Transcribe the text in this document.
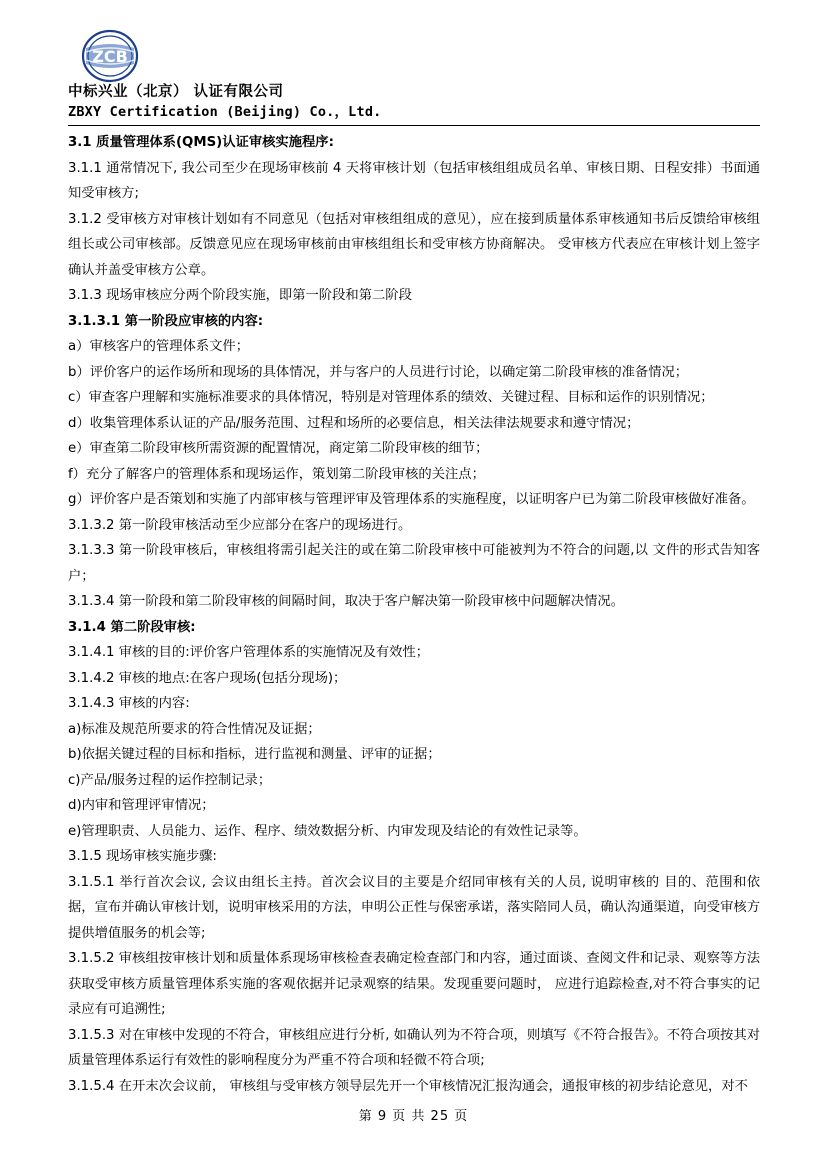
ZCB
中标兴业（北京） 认证有限公司
ZBXY Certification (Beijing) Co.，Ltd.

3.1 质量管理体系(QMS)认证审核实施程序:

3.1.1 通常情况下, 我公司至少在现场审核前 4 天将审核计划（包括审核组组成员名单、审核日期、日程安排）书面通知受审核方;

3.1.2 受审核方对审核计划如有不同意见（包括对审核组组成的意见），应在接到质量体系审核通知书后反馈给审核组组长或公司审核部。反馈意见应在现场审核前由审核组组长和受审核方协商解决。 受审核方代表应在审核计划上签字确认并盖受审核方公章。

3.1.3 现场审核应分两个阶段实施，即第一阶段和第二阶段

3.1.3.1 第一阶段应审核的内容:

a）审核客户的管理体系文件；

b）评价客户的运作场所和现场的具体情况，并与客户的人员进行讨论，以确定第二阶段审核的准备情况；

c）审查客户理解和实施标准要求的具体情况，特别是对管理体系的绩效、关键过程、目标和运作的识别情况；

d）收集管理体系认证的产品/服务范围、过程和场所的必要信息，相关法律法规要求和遵守情况；

e）审查第二阶段审核所需资源的配置情况，商定第二阶段审核的细节；

f）充分了解客户的管理体系和现场运作，策划第二阶段审核的关注点；

g）评价客户是否策划和实施了内部审核与管理评审及管理体系的实施程度，以证明客户已为第二阶段审核做好准备。

3.1.3.2 第一阶段审核活动至少应部分在客户的现场进行。

3.1.3.3 第一阶段审核后，审核组将需引起关注的或在第二阶段审核中可能被判为不符合的问题,以 文件的形式告知客户；

3.1.3.4 第一阶段和第二阶段审核的间隔时间，取决于客户解决第一阶段审核中问题解决情况。

3.1.4 第二阶段审核:

3.1.4.1 审核的目的:评价客户管理体系的实施情况及有效性；

3.1.4.2 审核的地点:在客户现场(包括分现场)；

3.1.4.3 审核的内容:

a)标准及规范所要求的符合性情况及证据；

b)依据关键过程的目标和指标，进行监视和测量、评审的证据；

c)产品/服务过程的运作控制记录；

d)内审和管理评审情况；

e)管理职责、人员能力、运作、程序、绩效数据分析、内审发现及结论的有效性记录等。

3.1.5 现场审核实施步骤:

3.1.5.1 举行首次会议, 会议由组长主持。首次会议目的主要是介绍同审核有关的人员, 说明审核的 目的、范围和依据，宣布并确认审核计划，说明审核采用的方法，申明公正性与保密承诺，落实陪同人员，确认沟通渠道，向受审核方提供增值服务的机会等;

3.1.5.2 审核组按审核计划和质量体系现场审核检查表确定检查部门和内容，通过面谈、查阅文件和记录、观察等方法获取受审核方质量管理体系实施的客观依据并记录观察的结果。发现重要问题时， 应进行追踪检查,对不符合事实的记录应有可追溯性;

3.1.5.3 对在审核中发现的不符合，审核组应进行分析, 如确认列为不符合项，则填写《不符合报告》。不符合项按其对质量管理体系运行有效性的影响程度分为严重不符合项和轻微不符合项;

3.1.5.4 在开末次会议前， 审核组与受审核方领导层先开一个审核情况汇报沟通会，通报审核的初步结论意见，对不

第 9 页 共 25 页
